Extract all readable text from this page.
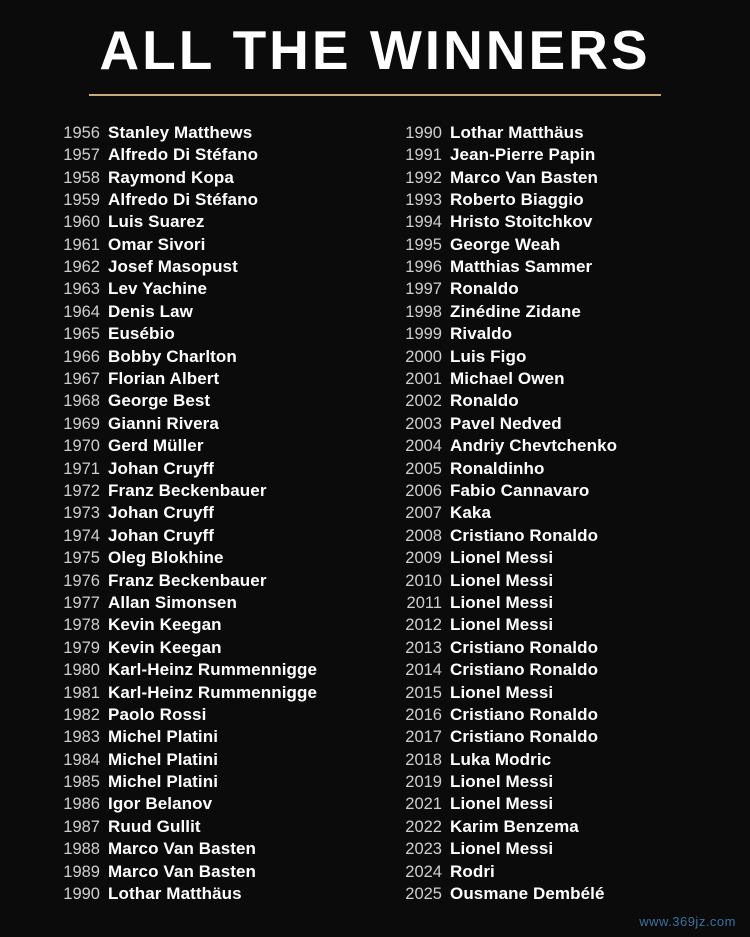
ALL THE WINNERS
1956 Stanley Matthews
1957 Alfredo Di Stéfano
1958 Raymond Kopa
1959 Alfredo Di Stéfano
1960 Luis Suarez
1961 Omar Sivori
1962 Josef Masopust
1963 Lev Yachine
1964 Denis Law
1965 Eusébio
1966 Bobby Charlton
1967 Florian Albert
1968 George Best
1969 Gianni Rivera
1970 Gerd Müller
1971 Johan Cruyff
1972 Franz Beckenbauer
1973 Johan Cruyff
1974 Johan Cruyff
1975 Oleg Blokhine
1976 Franz Beckenbauer
1977 Allan Simonsen
1978 Kevin Keegan
1979 Kevin Keegan
1980 Karl-Heinz Rummennigge
1981 Karl-Heinz Rummennigge
1982 Paolo Rossi
1983 Michel Platini
1984 Michel Platini
1985 Michel Platini
1986 Igor Belanov
1987 Ruud Gullit
1988 Marco Van Basten
1989 Marco Van Basten
1990 Lothar Matthäus
1990 Lothar Matthäus
1991 Jean-Pierre Papin
1992 Marco Van Basten
1993 Roberto Biaggio
1994 Hristo Stoitchkov
1995 George Weah
1996 Matthias Sammer
1997 Ronaldo
1998 Zinédine Zidane
1999 Rivaldo
2000 Luis Figo
2001 Michael Owen
2002 Ronaldo
2003 Pavel Nedved
2004 Andriy Chevtchenko
2005 Ronaldinho
2006 Fabio Cannavaro
2007 Kaka
2008 Cristiano Ronaldo
2009 Lionel Messi
2010 Lionel Messi
2011 Lionel Messi
2012 Lionel Messi
2013 Cristiano Ronaldo
2014 Cristiano Ronaldo
2015 Lionel Messi
2016 Cristiano Ronaldo
2017 Cristiano Ronaldo
2018 Luka Modric
2019 Lionel Messi
2021 Lionel Messi
2022 Karim Benzema
2023 Lionel Messi
2024 Rodri
2025 Ousmane Dembélé
www.369jz.com
